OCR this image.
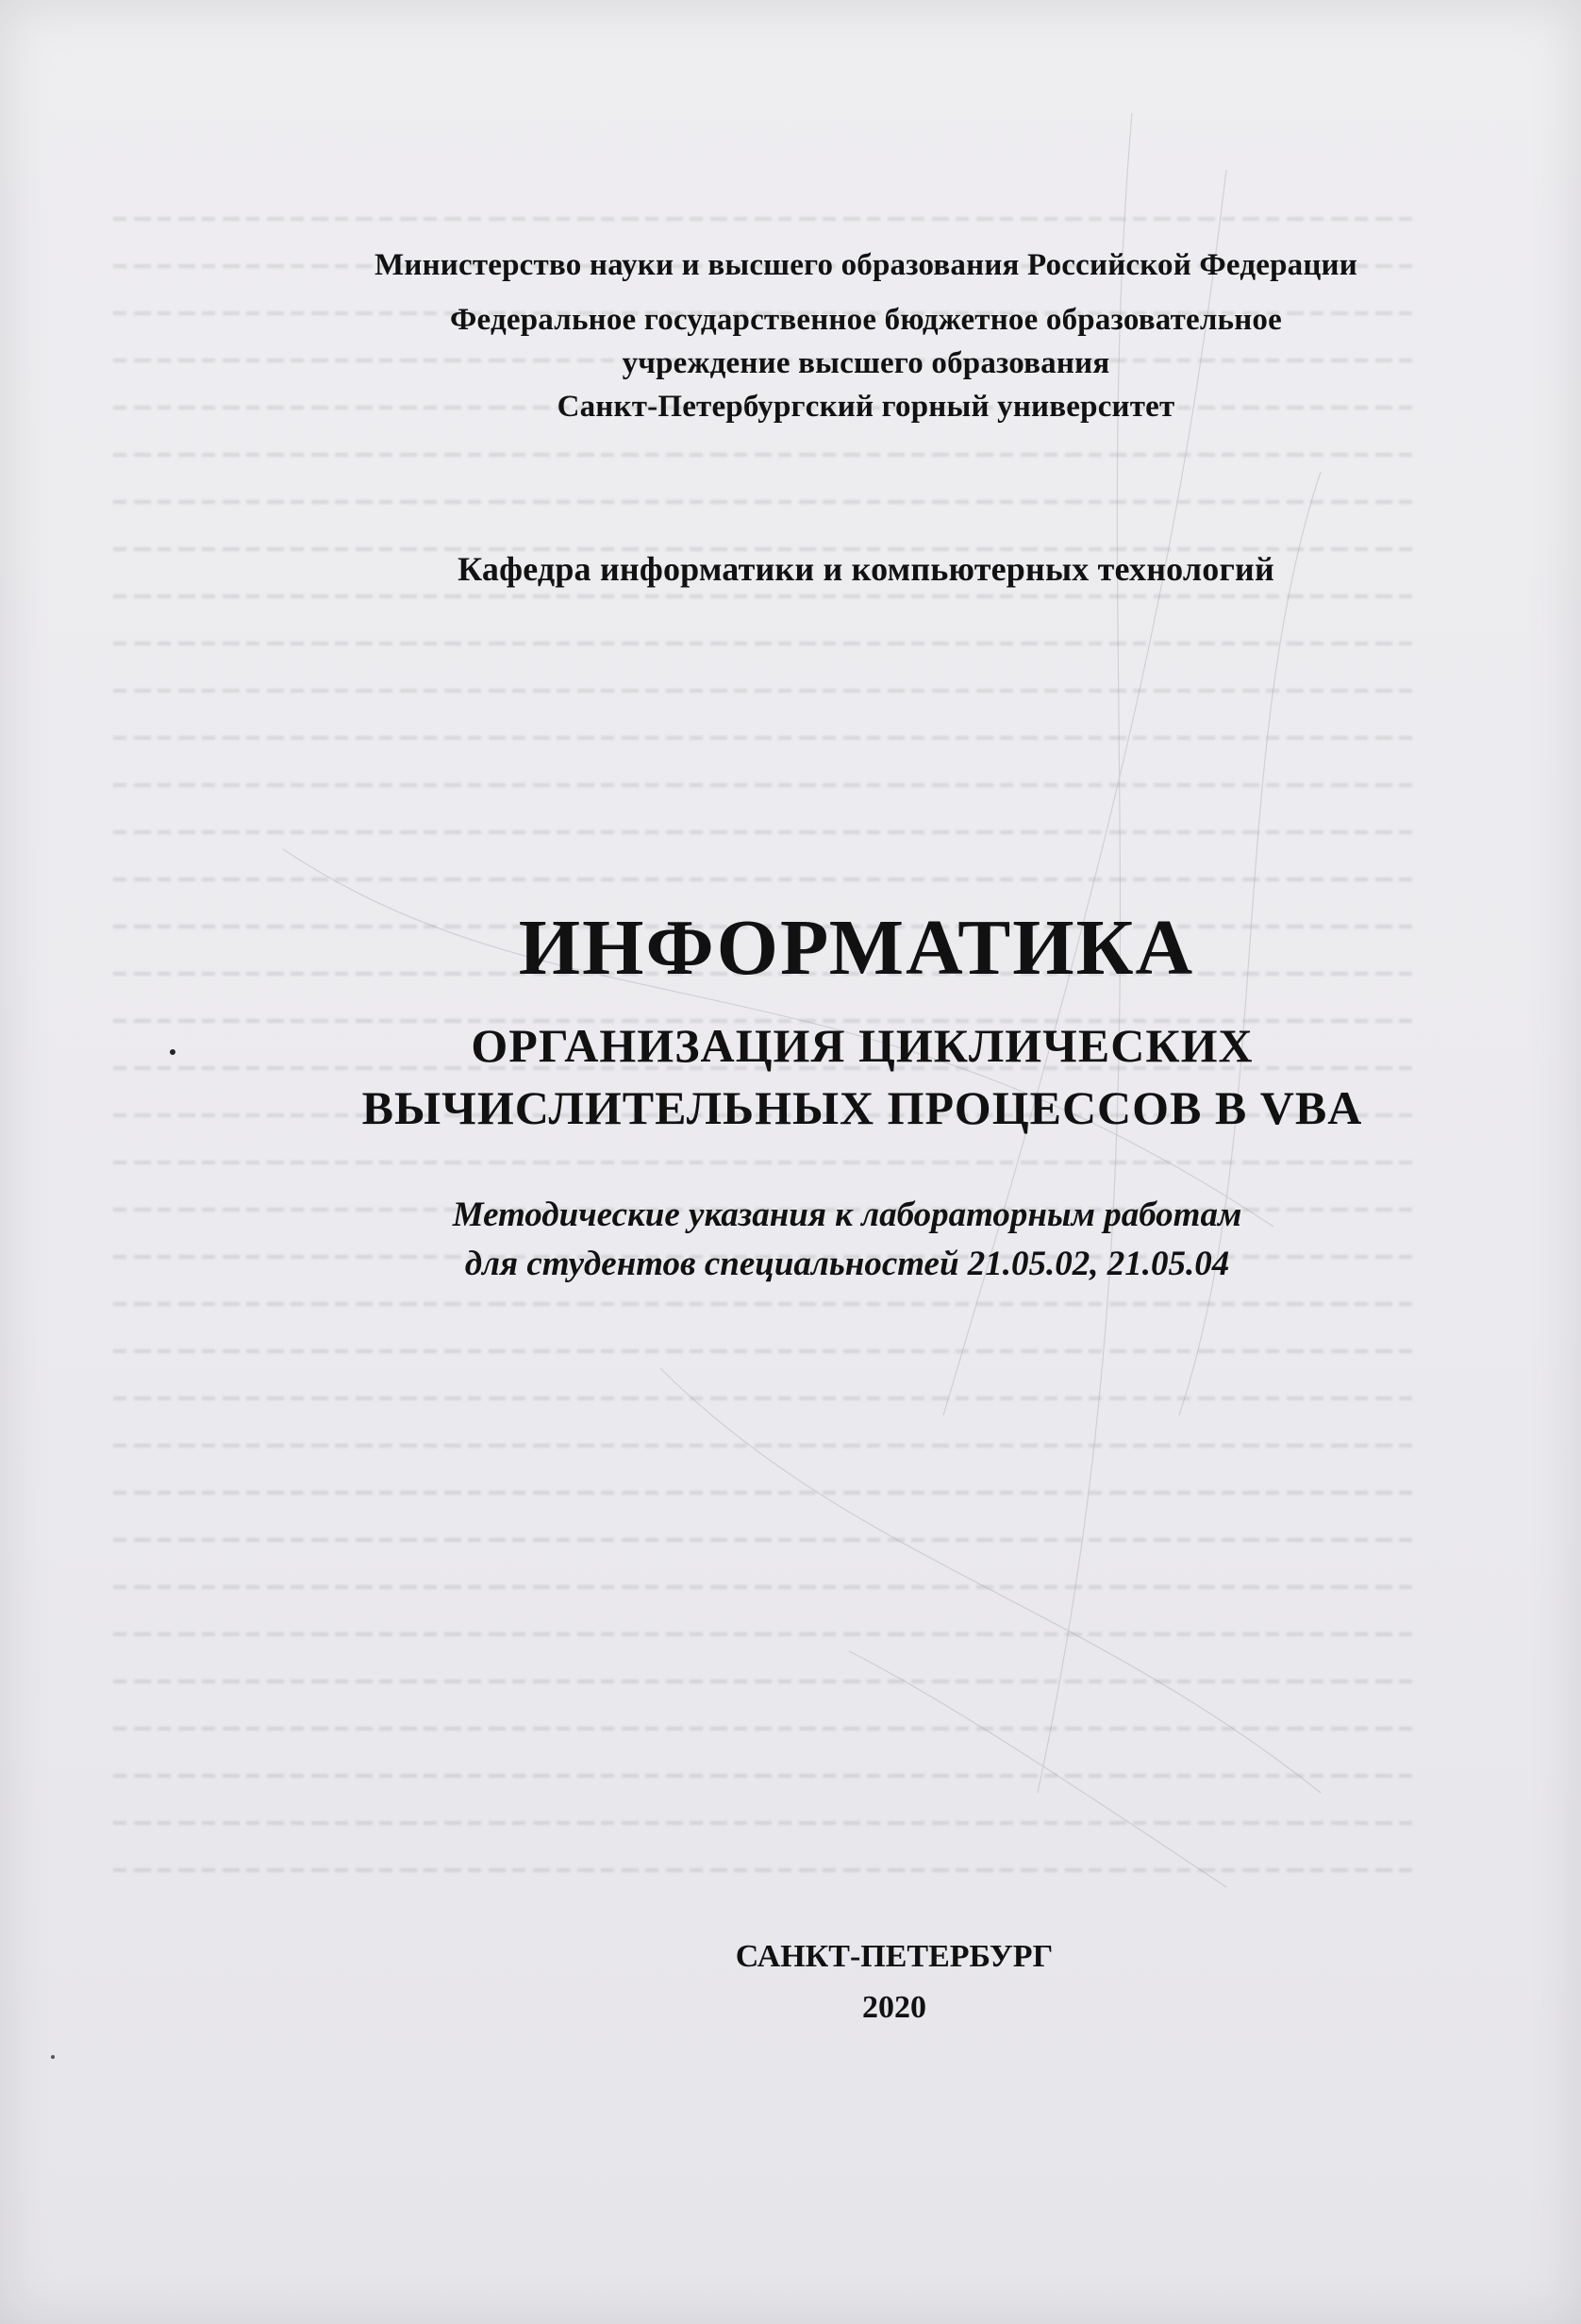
Министерство науки и высшего образования Российской Федерации
Федеральное государственное бюджетное образовательное
учреждение высшего образования
Санкт-Петербургский горный университет
Кафедра информатики и компьютерных технологий
ИНФОРМАТИКА
ОРГАНИЗАЦИЯ ЦИКЛИЧЕСКИХ
ВЫЧИСЛИТЕЛЬНЫХ ПРОЦЕССОВ В VBA
Методические указания к лабораторным работам
для студентов специальностей 21.05.02, 21.05.04
САНКТ-ПЕТЕРБУРГ
2020
